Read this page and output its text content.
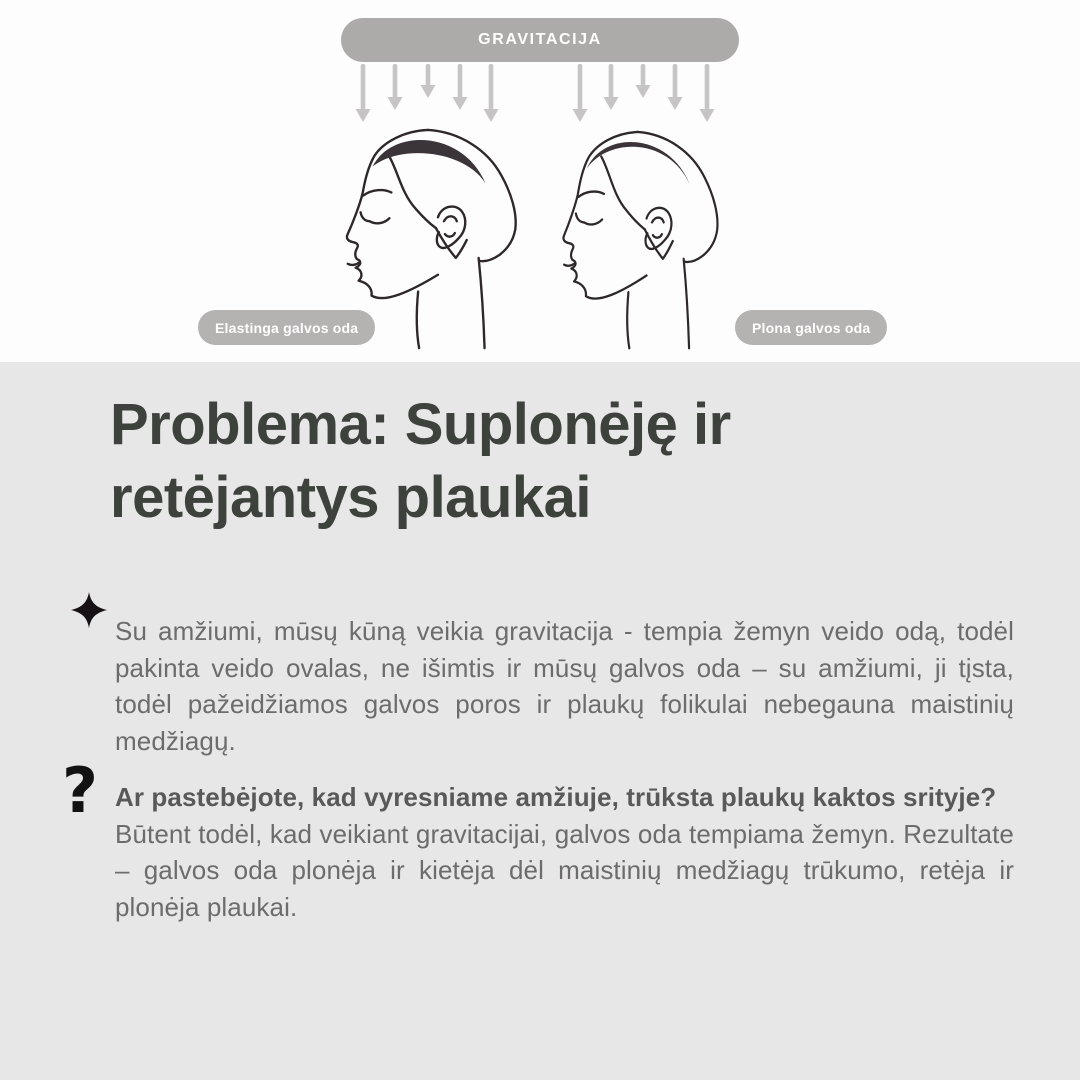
GRAVITACIJA
Elastinga galvos oda	Plona galvos oda
Problema: Suplonėję ir
retėjantys plaukai

Su amžiumi, mūsų kūną veikia gravitacija - tempia žemyn veido odą, todėl pakinta veido ovalas, ne išimtis ir mūsų galvos oda – su amžiumi, ji tįsta, todėl pažeidžiamos galvos poros ir plaukų folikulai nebegauna maistinių medžiagų.

? Ar pastebėjote, kad vyresniame amžiuje, trūksta plaukų kaktos srityje?

Būtent todėl, kad veikiant gravitacijai, galvos oda tempiama žemyn. Rezultate – galvos oda plonėja ir kietėja dėl maistinių medžiagų trūkumo, retėja ir plonėja plaukai.
